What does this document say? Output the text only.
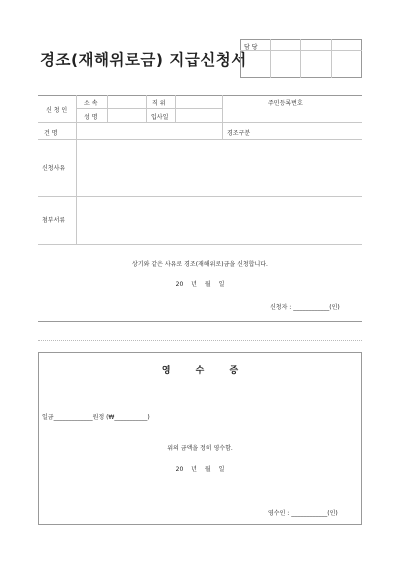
경조(재해위로금) 지급신청서
담 당
신 청 인
소 속	직 위	주민등록번호
성 명	입사일
건 명	경조구분
신청사유
첨부서류
상기와 같은 사유로 경조(재해위로)금을 신청합니다.
20 년 월 일
신청자 : ____________(인)
영 수 증
일금_____________원정 (₩___________)
위의 금액을 정히 영수함.
20 년 월 일
영수인 : ____________(인)
